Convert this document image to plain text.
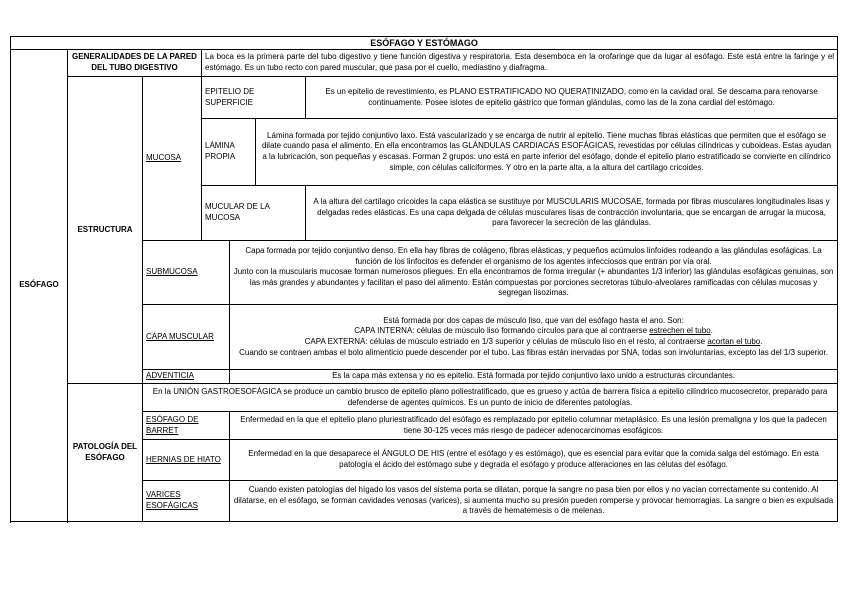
ESÓFAGO Y ESTÓMAGO						
ESÓFAGO	GENERALIDADES DE LA PARED DEL TUBO DIGESTIVO		La boca es la primera parte del tubo digestivo y tiene función digestiva y respiratoria. Esta desemboca en la orofaringe que da lugar al esófago. Este está entre la faringe y el estómago. Es un tubo recto con pared muscular, que pasa por el cuello, mediastino y diafragma.			
	ESTRUCTURA	MUCOSA	EPITELIO DE SUPERFICIE			Es un epitelio de revestimiento, es PLANO ESTRATIFICADO NO QUERATINIZADO, como en la cavidad oral. Se descama para renovarse continuamente. Posee islotes de epitelio gástrico que forman glándulas, como las de la zona cardial del estómago.
			LÁMINA PROPIA		Lámina formada por tejido conjuntivo laxo. Está vascularizado y se encarga de nutrir al epitelio. Tiene muchas fibras elásticas que permiten que el esófago se dilate cuando pasa el alimento. En ella encontramos las GLÁNDULAS CARDIACAS ESOFÁGICAS, revestidas por células cilíndricas y cuboideas. Estas ayudan a la lubricación, son pequeñas y escasas. Forman 2 grupos: uno está en parte inferior del esófago, donde el epitelio plano estratificado se convierte en cilíndrico simple, con células caliciformes. Y otro en la parte alta, a la altura del cartílago cricoides.	
			MUCULAR DE LA MUCOSA			A la altura del cartílago cricoides la capa elástica se sustituye por MUSCULARIS MUCOSAE, formada por fibras musculares longitudinales lisas y delgadas redes elásticas. Es una capa delgada de células musculares lisas de contracción involuntaria, que se encargan de arrugar la mucosa, para favorecer la secreción de las glándulas.
		SUBMUCOSA		Capa formada por tejido conjuntivo denso. En ella hay fibras de colágeno, fibras elásticas, y pequeños acúmulos linfoides rodeando a las glándulas esofágicas. La función de los linfocitos es defender el organismo de los agentes infecciosos que entran por vía oral.
Junto con la muscularis mucosae forman numerosos pliegues. En ella encontramos de forma irregular (+ abundantes 1/3 inferior) las glándulas esofágicas genuinas, son las más grandes y abundantes y facilitan el paso del alimento. Están compuestas por porciones secretoras túbulo-alveolares ramificadas con células mucosas y segregan lisozimas.		
		CAPA MUSCULAR		Está formada por dos capas de músculo liso, que van del esófago hasta el ano. Son:
CAPA INTERNA: células de músculo liso formando círculos para que al contraerse estrechen el tubo.
CAPA EXTERNA: células de músculo estriado en 1/3 superior y células de músculo liso en el resto, al contraerse acortan el tubo.
Cuando se contraen ambas el bolo alimenticio puede descender por el tubo. Las fibras están inervadas por SNA, todas son involuntarias, excepto las del 1/3 superior.		
		ADVENTICIA		Es la capa más extensa y no es epitelio. Está formada por tejido conjuntivo laxo unido a estructuras circundantes.		
	PATOLOGÍA DEL ESÓFAGO	En la UNIÓN GASTROESOFÁGICA se produce un cambio brusco de epitelio plano poliestratificado, que es grueso y actúa de barrera física a epitelio cilíndrico mucosecretor, preparado para defenderse de agentes químicos. Es un punto de inicio de diferentes patologías.				
		ESÓFAGO DE BARRET		Enfermedad en la que el epitelio plano pluriestratificado del esófago es remplazado por epitelio columnar metaplásico. Es una lesión premaligna y los que la padecen tiene 30-125 veces más riesgo de padecer adenocarcinomas esofágicos.		
		HERNIAS DE HIATO		Enfermedad en la que desaparece el ÁNGULO DE HIS (entre el esófago y es estómago), que es esencial para evitar que la comida salga del estómago. En esta patología el ácido del estómago sube y degrada el esófago y produce alteraciones en las células del esófago.		
		VARICES ESOFÁGICAS		Cuando existen patologías del hígado los vasos del sistema porta se dilatan, porque la sangre no pasa bien por ellos y no vacían correctamente su contenido. Al dilatarse, en el esófago, se forman cavidades venosas (varices), si aumenta mucho su presión pueden romperse y provocar hemorragias. La sangre o bien es expulsada a través de hematemesis o de melenas.		
